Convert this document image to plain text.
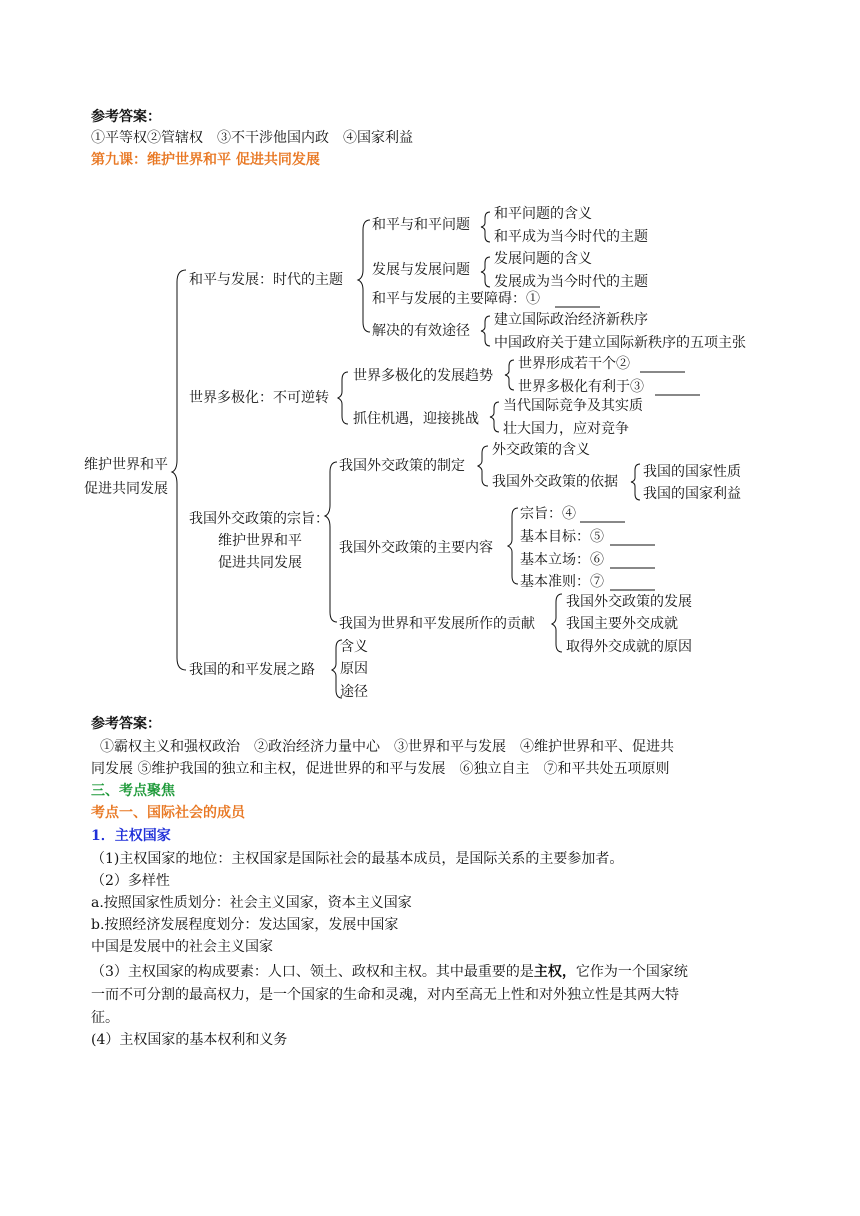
参考答案：
①平等权②管辖权　③不干涉他国内政　④国家利益
第九课：维护世界和平 促进共同发展
维护世界和平
促进共同发展
和平与发展：时代的主题
和平与和平问题
和平问题的含义
和平成为当今时代的主题
发展与发展问题
发展问题的含义
发展成为当今时代的主题
和平与发展的主要障碍：①
解决的有效途径
建立国际政治经济新秩序
中国政府关于建立国际新秩序的五项主张
世界多极化：不可逆转
世界多极化的发展趋势
世界形成若干个②
世界多极化有利于③
抓住机遇，迎接挑战
当代国际竞争及其实质
壮大国力，应对竞争
我国外交政策的宗旨：
维护世界和平
促进共同发展
我国外交政策的制定
外交政策的含义
我国外交政策的依据
我国的国家性质
我国的国家利益
我国外交政策的主要内容
宗旨：④
基本目标：⑤
基本立场：⑥
基本准则：⑦
我国为世界和平发展所作的贡献
我国外交政策的发展
我国主要外交成就
取得外交成就的原因
我国的和平发展之路
含义
原因
途径
参考答案：
①霸权主义和强权政治　②政治经济力量中心　③世界和平与发展　④维护世界和平、促进共
同发展 ⑤维护我国的独立和主权，促进世界的和平与发展　⑥独立自主　⑦和平共处五项原则
三、考点聚焦
考点一、国际社会的成员
1．主权国家
（1)主权国家的地位：主权国家是国际社会的最基本成员，是国际关系的主要参加者。
（2）多样性
a.按照国家性质划分：社会主义国家，资本主义国家
b.按照经济发展程度划分：发达国家，发展中国家
中国是发展中的社会主义国家
（3）主权国家的构成要素：人口、领土、政权和主权。其中最重要的是主权，它作为一个国家统
一而不可分割的最高权力，是一个国家的生命和灵魂，对内至高无上性和对外独立性是其两大特
征。
(4）主权国家的基本权利和义务
